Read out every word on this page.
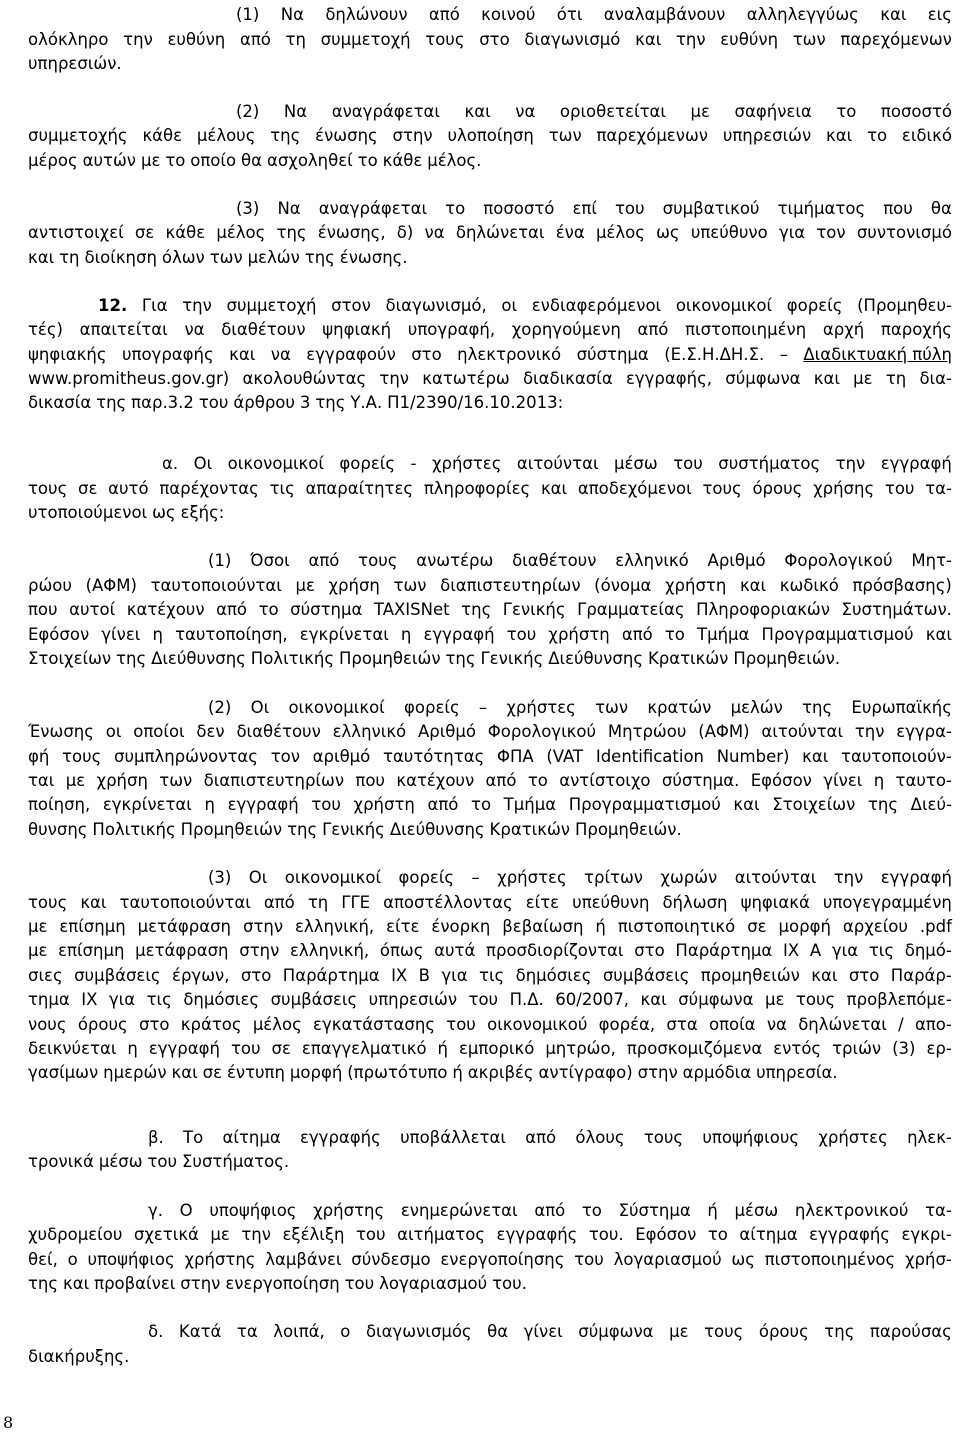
(1) Να δηλώνουν από κοινού ότι αναλαμβάνουν αλληλεγγύως και εις
ολόκληρο την ευθύνη από τη συμμετοχή τους στο διαγωνισμό και την ευθύνη των παρεχόμενων
υπηρεσιών.
(2) Να αναγράφεται και να οριοθετείται με σαφήνεια το ποσοστό
συμμετοχής κάθε μέλους της ένωσης στην υλοποίηση των παρεχόμενων υπηρεσιών και το ειδικό
μέρος αυτών με το οποίο θα ασχοληθεί το κάθε μέλος.
(3) Να αναγράφεται το ποσοστό επί του συμβατικού τιμήματος που θα
αντιστοιχεί σε κάθε μέλος της ένωσης, δ) να δηλώνεται ένα μέλος ως υπεύθυνο για τον συντονισμό
και τη διοίκηση όλων των μελών της ένωσης.
12. Για την συμμετοχή στον διαγωνισμό, οι ενδιαφερόμενοι οικονομικοί φορείς (Προμηθευ-
τές) απαιτείται να διαθέτουν ψηφιακή υπογραφή, χορηγούμενη από πιστοποιημένη αρχή παροχής
ψηφιακής υπογραφής και να εγγραφούν στο ηλεκτρονικό σύστημα (Ε.Σ.Η.ΔΗ.Σ. – Διαδικτυακή πύλη
www.promitheus.gov.gr) ακολουθώντας την κατωτέρω διαδικασία εγγραφής, σύμφωνα και με τη δια-
δικασία της παρ.3.2 του άρθρου 3 της Υ.Α. Π1/2390/16.10.2013:
α. Οι οικονομικοί φορείς - χρήστες αιτούνται μέσω του συστήματος την εγγραφή
τους σε αυτό παρέχοντας τις απαραίτητες πληροφορίες και αποδεχόμενοι τους όρους χρήσης του τα-
υτοποιούμενοι ως εξής:
(1) Όσοι από τους ανωτέρω διαθέτουν ελληνικό Αριθμό Φορολογικού Μητ-
ρώου (ΑΦΜ) ταυτοποιούνται με χρήση των διαπιστευτηρίων (όνομα χρήστη και κωδικό πρόσβασης)
που αυτοί κατέχουν από το σύστημα TAXISNet της Γενικής Γραμματείας Πληροφοριακών Συστημάτων.
Εφόσον γίνει η ταυτοποίηση, εγκρίνεται η εγγραφή του χρήστη από το Τμήμα Προγραμματισμού και
Στοιχείων της Διεύθυνσης Πολιτικής Προμηθειών της Γενικής Διεύθυνσης Κρατικών Προμηθειών.
(2) Οι οικονομικοί φορείς – χρήστες των κρατών μελών της Ευρωπαϊκής
Ένωσης οι οποίοι δεν διαθέτουν ελληνικό Αριθμό Φορολογικού Μητρώου (ΑΦΜ) αιτούνται την εγγρα-
φή τους συμπληρώνοντας τον αριθμό ταυτότητας ΦΠΑ (VAT Identification Number) και ταυτοποιούν-
ται με χρήση των διαπιστευτηρίων που κατέχουν από το αντίστοιχο σύστημα. Εφόσον γίνει η ταυτο-
ποίηση, εγκρίνεται η εγγραφή του χρήστη από το Τμήμα Προγραμματισμού και Στοιχείων της Διεύ-
θυνσης Πολιτικής Προμηθειών της Γενικής Διεύθυνσης Κρατικών Προμηθειών.
(3) Οι οικονομικοί φορείς – χρήστες τρίτων χωρών αιτούνται την εγγραφή
τους και ταυτοποιούνται από τη ΓΓΕ αποστέλλοντας είτε υπεύθυνη δήλωση ψηφιακά υπογεγραμμένη
με επίσημη μετάφραση στην ελληνική, είτε ένορκη βεβαίωση ή πιστοποιητικό σε μορφή αρχείου .pdf
με επίσημη μετάφραση στην ελληνική, όπως αυτά προσδιορίζονται στο Παράρτημα IX A για τις δημό-
σιες συμβάσεις έργων, στο Παράρτημα IX B για τις δημόσιες συμβάσεις προμηθειών και στο Παράρ-
τημα IX για τις δημόσιες συμβάσεις υπηρεσιών του Π.Δ. 60/2007, και σύμφωνα με τους προβλεπόμε-
νους όρους στο κράτος μέλος εγκατάστασης του οικονομικού φορέα, στα οποία να δηλώνεται / απο-
δεικνύεται η εγγραφή του σε επαγγελματικό ή εμπορικό μητρώο, προσκομιζόμενα εντός τριών (3) ερ-
γασίμων ημερών και σε έντυπη μορφή (πρωτότυπο ή ακριβές αντίγραφο) στην αρμόδια υπηρεσία.
β. Το αίτημα εγγραφής υποβάλλεται από όλους τους υποψήφιους χρήστες ηλεκ-
τρονικά μέσω του Συστήματος.
γ. Ο υποψήφιος χρήστης ενημερώνεται από το Σύστημα ή μέσω ηλεκτρονικού τα-
χυδρομείου σχετικά με την εξέλιξη του αιτήματος εγγραφής του. Εφόσον το αίτημα εγγραφής εγκρι-
θεί, ο υποψήφιος χρήστης λαμβάνει σύνδεσμο ενεργοποίησης του λογαριασμού ως πιστοποιημένος χρήσ-
της και προβαίνει στην ενεργοποίηση του λογαριασμού του.
δ. Κατά τα λοιπά, ο διαγωνισμός θα γίνει σύμφωνα με τους όρους της παρούσας
διακήρυξης.
8
